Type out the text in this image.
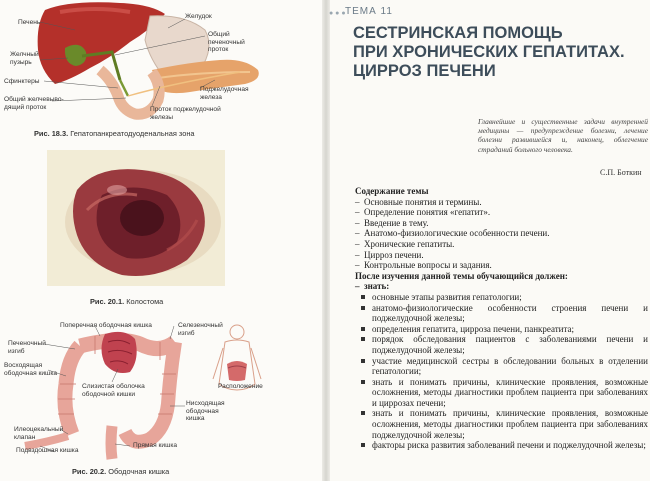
Печень
Желудок
Общий
печеночный
проток
Желчный
пузырь
Сфинктеры
Поджелудочная
железа
Общий желчевыво-
дящий проток	Проток поджелудочной
железы
Рис. 18.3. Гепатопанкреатодуоденальная зона
Рис. 20.1. Колостома
Поперечная ободочная кишка	Селезеночный
изгиб
Печеночный
изгиб
Восходящая
ободочная кишка
Слизистая оболочка
ободочной кишки
Расположение
Нисходящая
ободочная
кишка
Илеоцекальный
клапан
Прямая кишка
Подвздошная кишка
Рис. 20.2. Ободочная кишка
● ● ● ТЕМА 11
СЕСТРИНСКАЯ ПОМОЩЬ
ПРИ ХРОНИЧЕСКИХ ГЕПАТИТАХ.
ЦИРРОЗ ПЕЧЕНИ
Главнейшие и существенные задачи внутренней медицины — предупреждение болезни, лечение болезни развившейся и, наконец, облегчение страданий больного человека.
С.П. Боткин
Содержание темы
–  Основные понятия и термины.
–  Определение понятия «гепатит».
–  Введение в тему.
–  Анатомо-физиологические особенности печени.
–  Хронические гепатиты.
–  Цирроз печени.
–  Контрольные вопросы и задания.
После изучения данной темы обучающийся должен:
–  знать:
основные этапы развития гепатологии;
анатомо-физиологические особенности строения печени и поджелудочной железы;
определения гепатита, цирроза печени, панкреатита;
порядок обследования пациентов с заболеваниями печени и поджелудочной железы;
участие медицинской сестры в обследовании больных в отделении гепатологии;
знать и понимать причины, клинические проявления, возможные осложнения, методы диагностики проблем пациента при заболеваниях и циррозах печени;
знать и понимать причины, клинические проявления, возможные осложнения, методы диагностики проблем пациента при заболеваниях поджелудочной железы;
факторы риска развития заболеваний печени и поджелудочной железы;
